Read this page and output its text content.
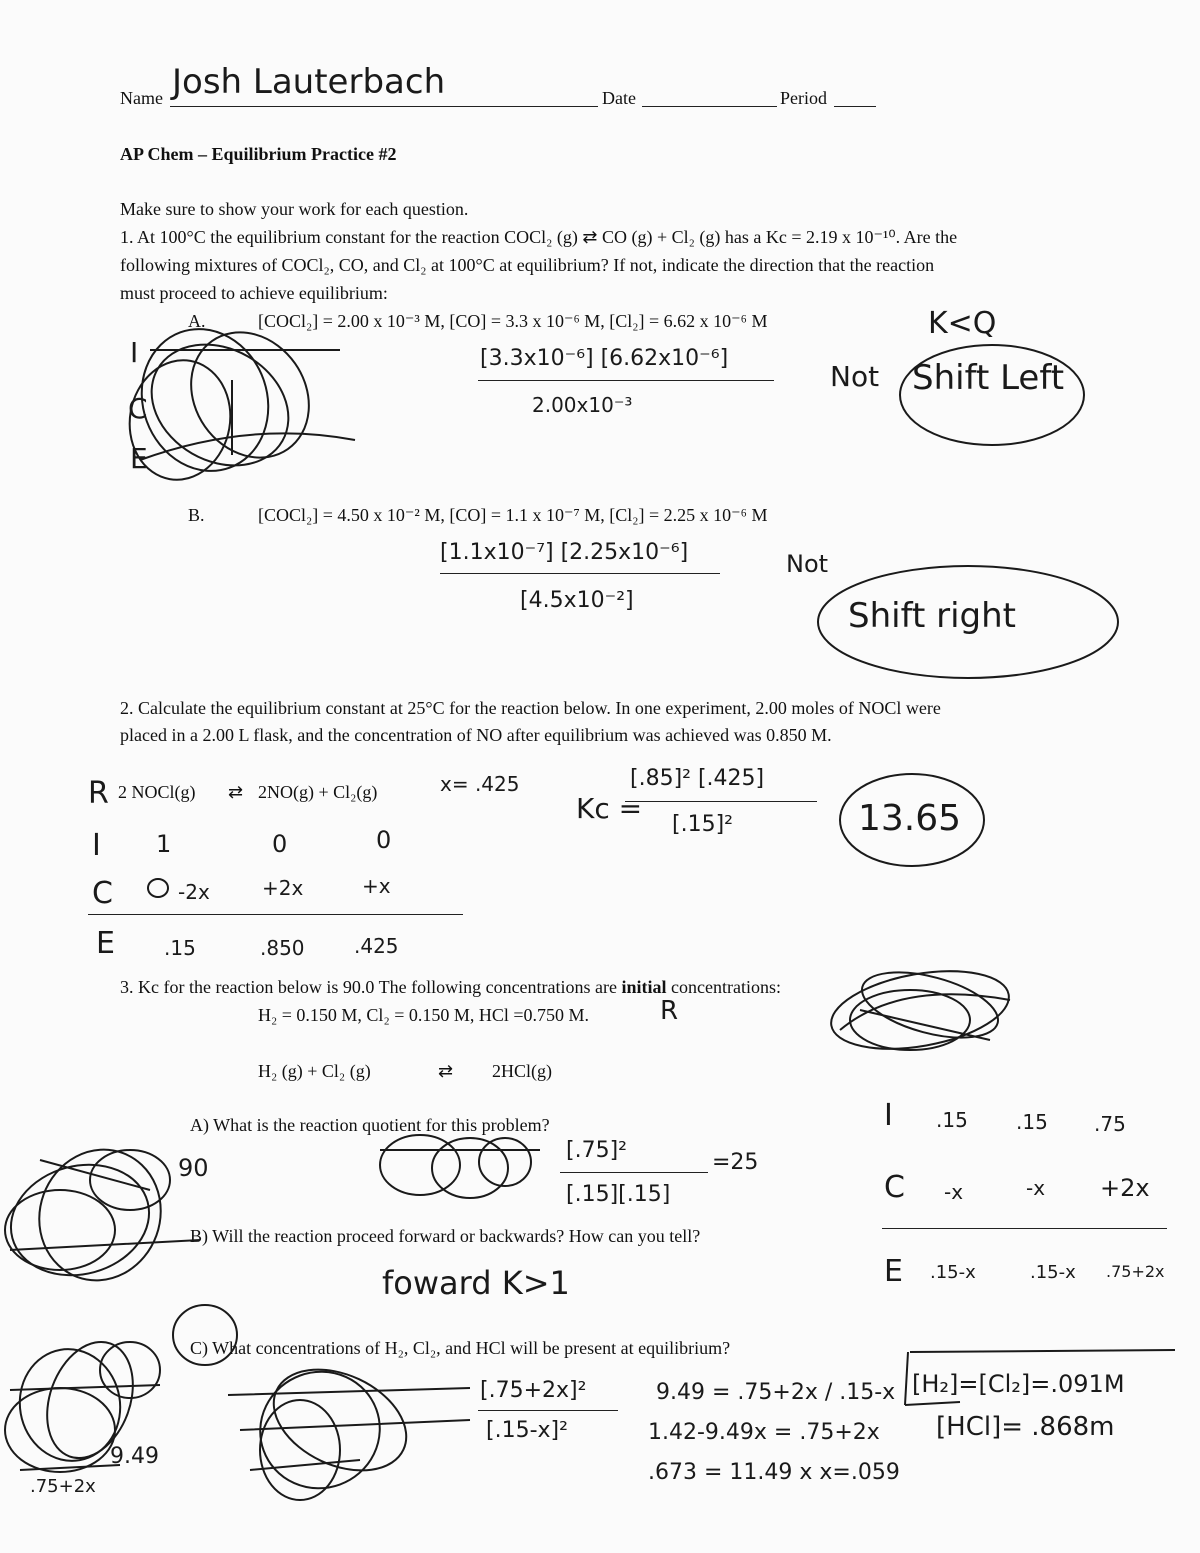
Name Josh Lauterbach	Date	Period
AP Chem – Equilibrium Practice #2
Make sure to show your work for each question.
1. At 100°C the equilibrium constant for the reaction COCl₂ (g) ⇄ CO (g) + Cl₂ (g) has a Kc = 2.19 x 10⁻¹⁰. Are the
following mixtures of COCl₂, CO, and Cl₂ at 100°C at equilibrium? If not, indicate the direction that the reaction
must proceed to achieve equilibrium:
A.	[COCl₂] = 2.00 x 10⁻³ M, [CO] = 3.3 x 10⁻⁶ M, [Cl₂] = 6.62 x 10⁻⁶ M	K<Q
[3.3x10⁻⁶] [6.62x10⁻⁶]
2.00x10⁻³
Not Shift Left
I
C
E
B.	[COCl₂] = 4.50 x 10⁻² M, [CO] = 1.1 x 10⁻⁷ M, [Cl₂] = 2.25 x 10⁻⁶ M
[1.1x10⁻⁷] [2.25x10⁻⁶]
[4.5x10⁻²]
Not
Shift right
2. Calculate the equilibrium constant at 25°C for the reaction below. In one experiment, 2.00 moles of NOCl were
placed in a 2.00 L flask, and the concentration of NO after equilibrium was achieved was 0.850 M.
R 2 NOCl(g) ⇄ 2NO(g) + Cl₂(g)	x= .425
Kc =
[.85]² [.425]
[.15]²	13.65
I 1	0	0
C	-2x	+2x	+x
E .15	.850 .425
3. Kc for the reaction below is 90.0 The following concentrations are initial concentrations:
H₂ = 0.150 M, Cl₂ = 0.150 M, HCl =0.750 M.	R
H₂ (g) + Cl₂ (g)	⇄ 2HCl(g)
A) What is the reaction quotient for this problem?
[.75]²
[.15][.15]
=25
I .15 .15 .75
C -x	-x +2x
E .15-x	.15-x .75+2x
B) Will the reaction proceed forward or backwards? How can you tell?
foward K>1
90
C) What concentrations of H₂, Cl₂, and HCl will be present at equilibrium?
[.75+2x]²
[.15-x]²
9.49 = .75+2x / .15-x
1.42-9.49x = .75+2x
.673 = 11.49 x x=.059
[H₂]=[Cl₂]=.091M
[HCl]= .868m
9.49
.75+2x
